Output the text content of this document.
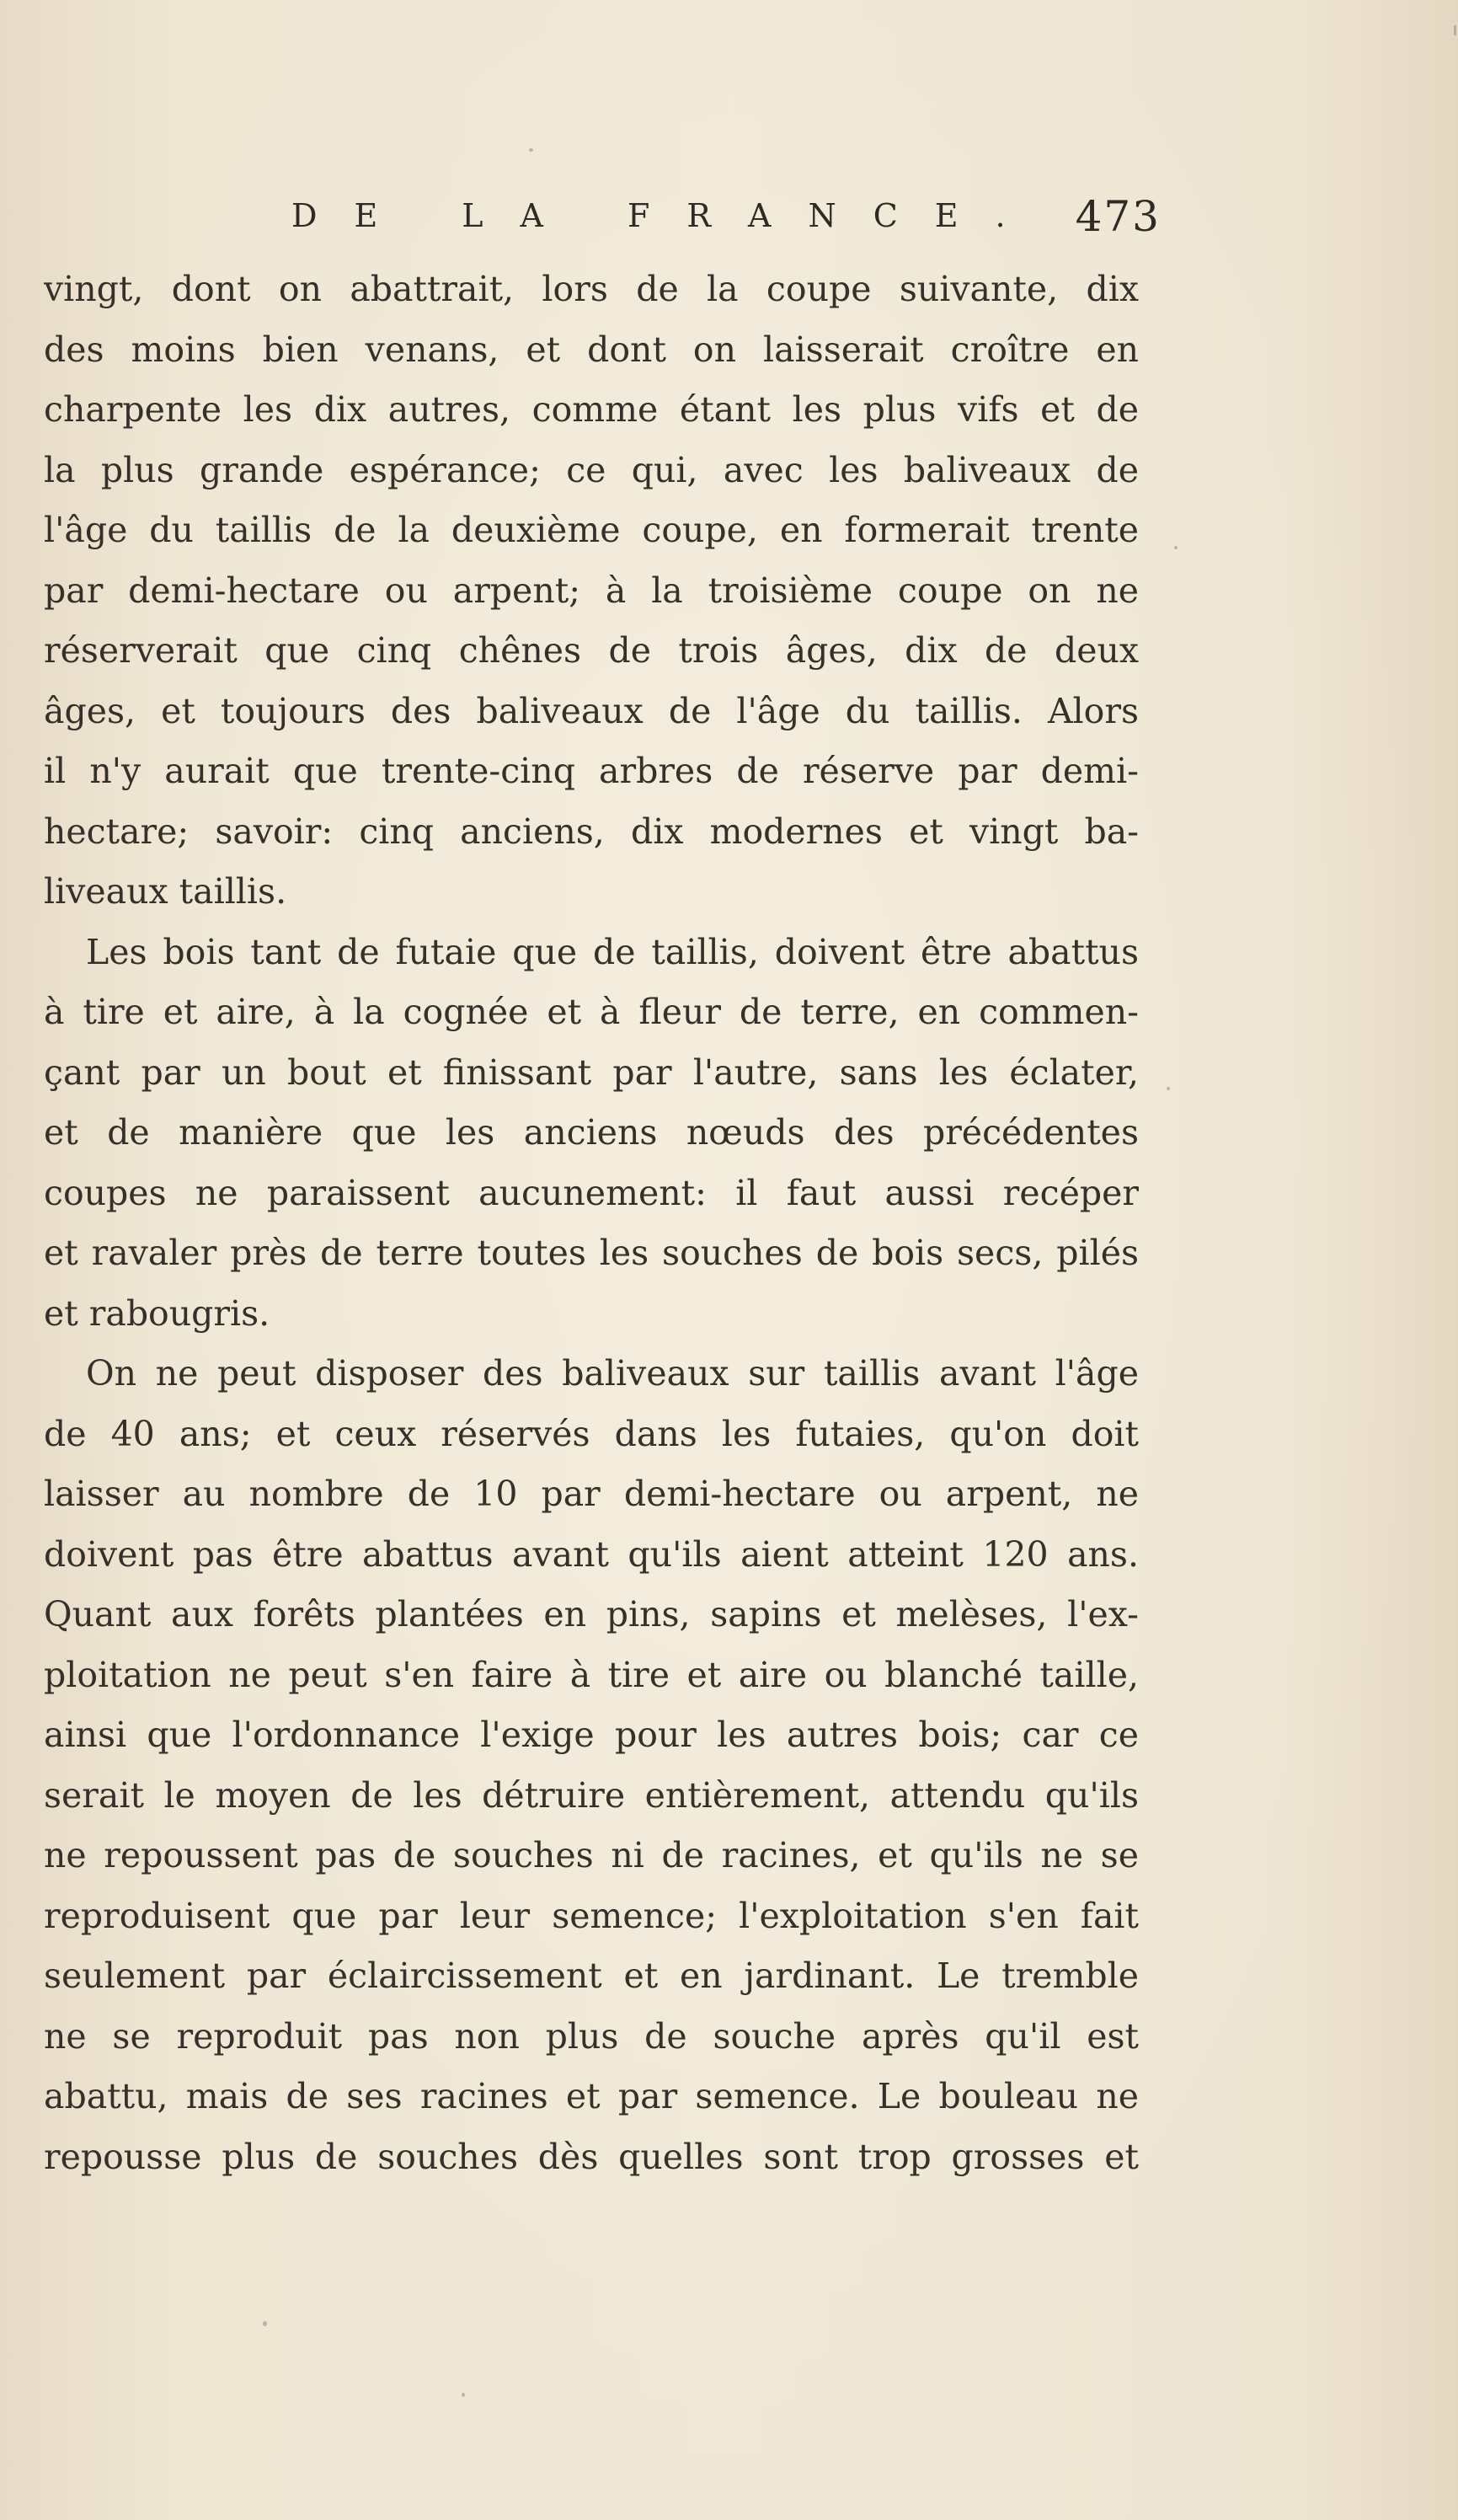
DE LA FRANCE. 473
vingt, dont on abattrait, lors de la coupe suivante, dix
des moins bien venans, et dont on laisserait croître en
charpente les dix autres, comme étant les plus vifs et de
la plus grande espérance; ce qui, avec les baliveaux de
l'âge du taillis de la deuxième coupe, en formerait trente
par demi-hectare ou arpent; à la troisième coupe on ne
réserverait que cinq chênes de trois âges, dix de deux
âges, et toujours des baliveaux de l'âge du taillis. Alors
il n'y aurait que trente-cinq arbres de réserve par demi-
hectare; savoir: cinq anciens, dix modernes et vingt ba-
liveaux taillis.
Les bois tant de futaie que de taillis, doivent être abattus
à tire et aire, à la cognée et à fleur de terre, en commen-
çant par un bout et finissant par l'autre, sans les éclater,
et de manière que les anciens nœuds des précédentes
coupes ne paraissent aucunement: il faut aussi recéper
et ravaler près de terre toutes les souches de bois secs, pilés
et rabougris.
On ne peut disposer des baliveaux sur taillis avant l'âge
de 40 ans; et ceux réservés dans les futaies, qu'on doit
laisser au nombre de 10 par demi-hectare ou arpent, ne
doivent pas être abattus avant qu'ils aient atteint 120 ans.
Quant aux forêts plantées en pins, sapins et melèses, l'ex-
ploitation ne peut s'en faire à tire et aire ou blanché taille,
ainsi que l'ordonnance l'exige pour les autres bois; car ce
serait le moyen de les détruire entièrement, attendu qu'ils
ne repoussent pas de souches ni de racines, et qu'ils ne se
reproduisent que par leur semence; l'exploitation s'en fait
seulement par éclaircissement et en jardinant. Le tremble
ne se reproduit pas non plus de souche après qu'il est
abattu, mais de ses racines et par semence. Le bouleau ne
repousse plus de souches dès quelles sont trop grosses et
